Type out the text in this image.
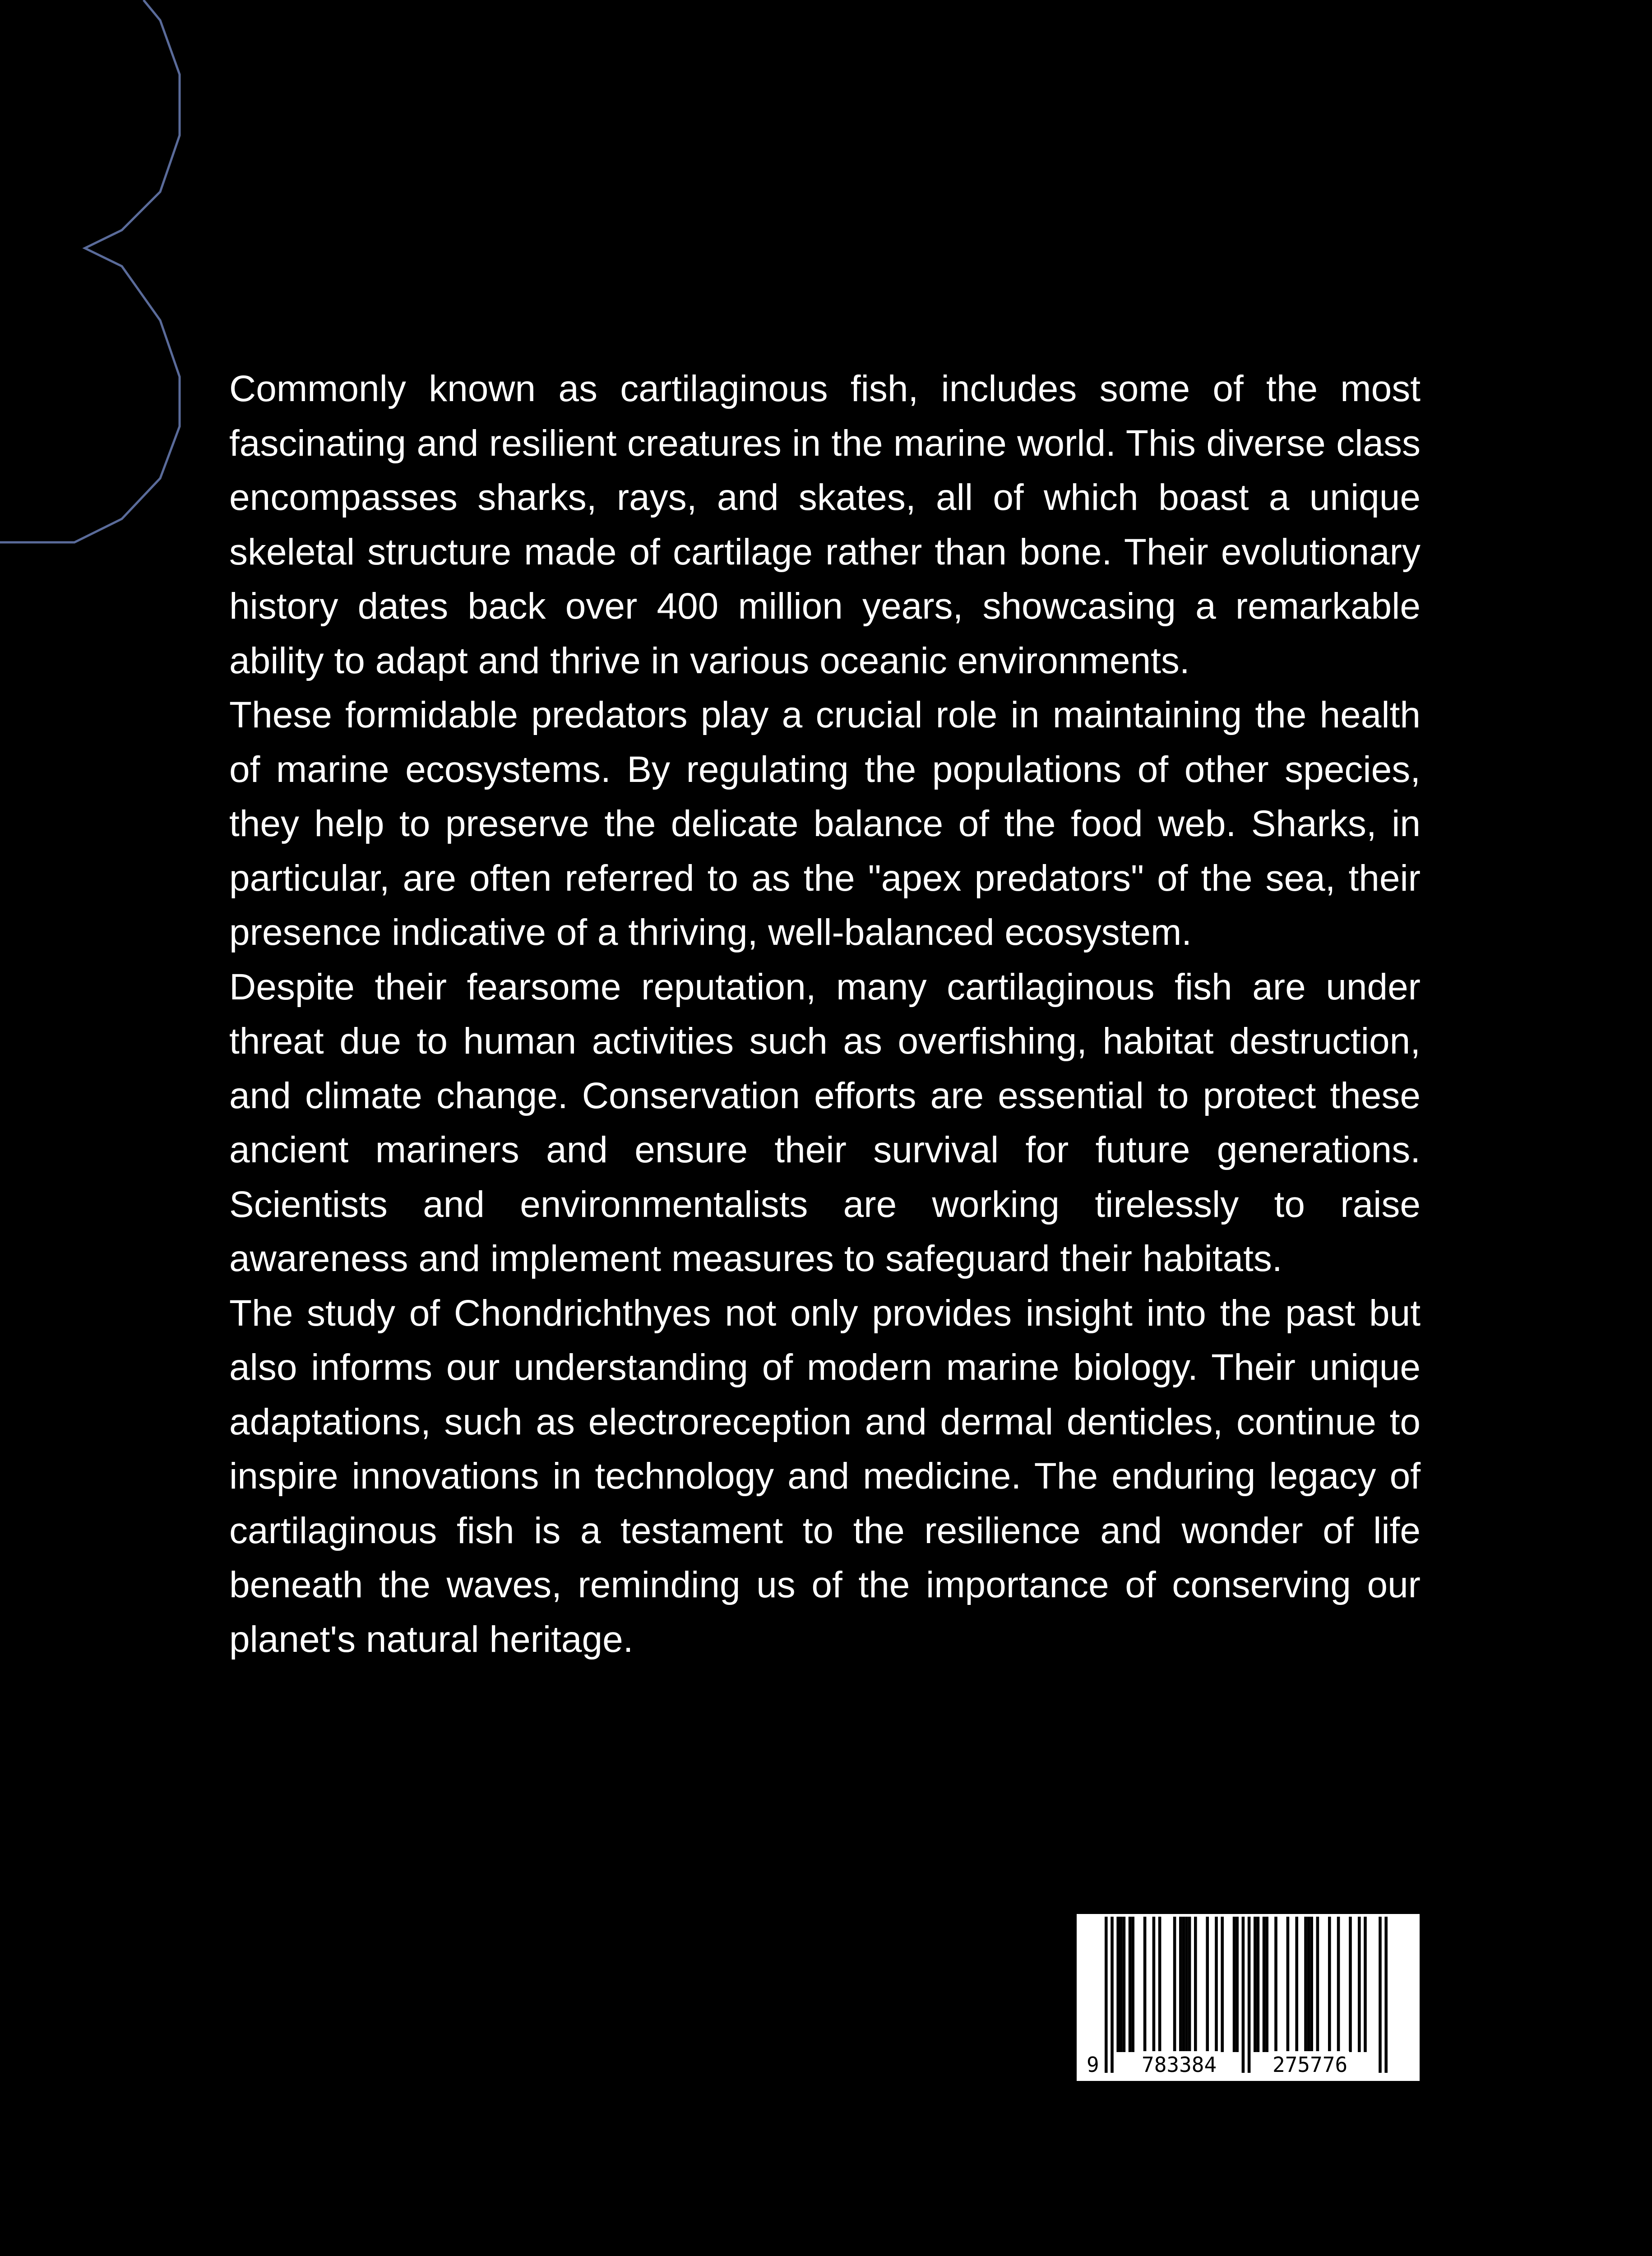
Commonly known as cartilaginous fish, includes some of the most fascinating and resilient creatures in the marine world. This diverse class encompasses sharks, rays, and skates, all of which boast a unique skeletal structure made of cartilage rather than bone. Their evolutionary history dates back over 400 million years, showcasing a remarkable ability to adapt and thrive in various oceanic environments.

These formidable predators play a crucial role in maintaining the health of marine ecosystems. By regulating the populations of other species, they help to preserve the delicate balance of the food web. Sharks, in particular, are often referred to as the "apex predators" of the sea, their presence indicative of a thriving, well-balanced ecosystem.

Despite their fearsome reputation, many cartilaginous fish are under threat due to human activities such as overfishing, habitat destruction, and climate change. Conservation efforts are essential to protect these ancient mariners and ensure their survival for future generations. Scientists and environmentalists are working tirelessly to raise awareness and implement measures to safeguard their habitats.

The study of Chondrichthyes not only provides insight into the past but also informs our understanding of modern marine biology. Their unique adaptations, such as electroreception and dermal denticles, continue to inspire innovations in technology and medicine. The enduring legacy of cartilaginous fish is a testament to the resilience and wonder of life beneath the waves, reminding us of the importance of conserving our planet's natural heritage.

9 783384	275776
